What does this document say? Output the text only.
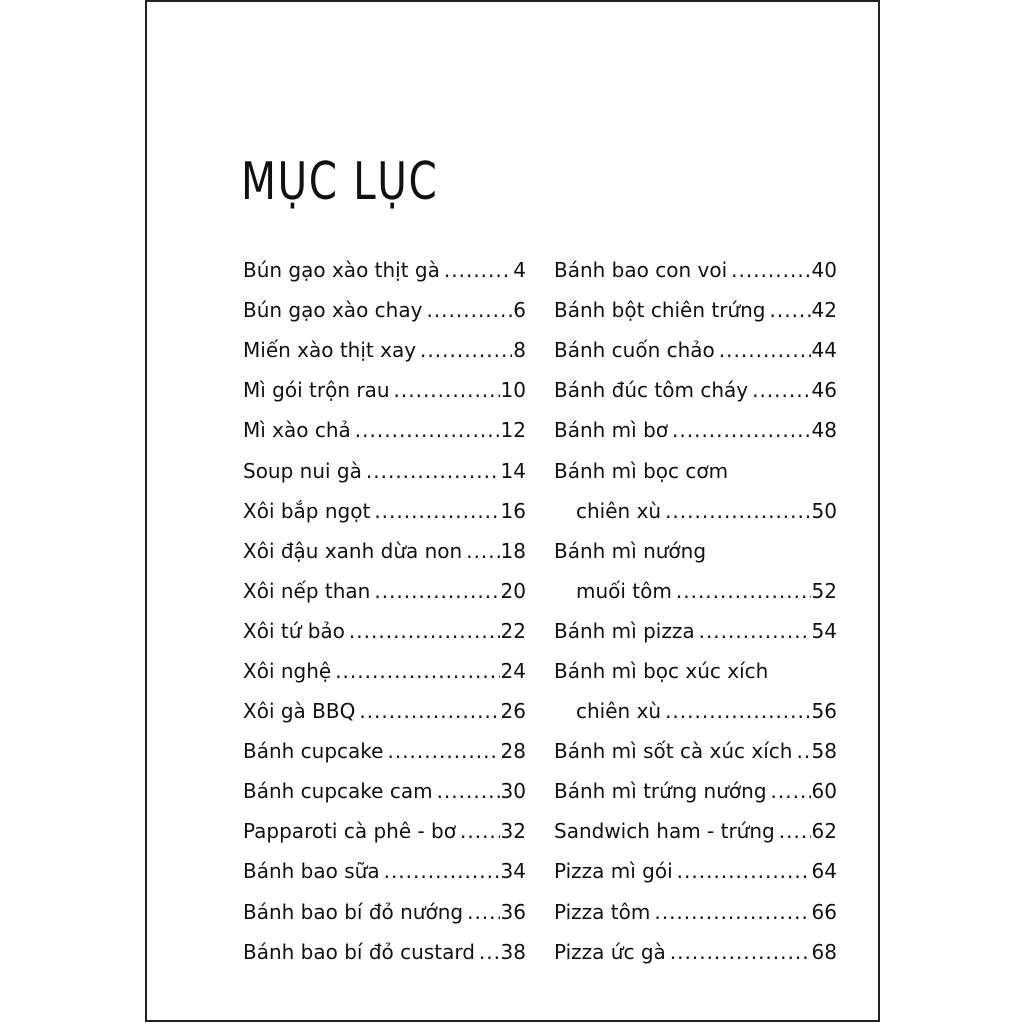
MỤC LỤC
Bún gạo xào thịt gà .....	4
Bún gạo xào chay .....	6
Miến xào thịt xay .....	8
Mì gói trộn rau .....	10
Mì xào chả .....	12
Soup nui gà .....	14
Xôi bắp ngọt .....	16
Xôi đậu xanh dừa non ..... 18
Xôi nếp than .....	20
Xôi tứ bảo .....	22
Xôi nghệ .....	24
Xôi gà BBQ .....	26
Bánh cupcake .....	28
Bánh cupcake cam .....	30
Papparoti cà phê - bơ ..... 32
Bánh bao sữa .....	34
Bánh bao bí đỏ nướng ..... 36
Bánh bao bí đỏ custard ..... 38
Bánh bao con voi .....	40
Bánh bột chiên trứng ..... 42
Bánh cuốn chảo .....	44
Bánh đúc tôm cháy .....	46
Bánh mì bơ .....	48
Bánh mì bọc cơm
chiên xù .....	50
Bánh mì nướng
muối tôm .....	52
Bánh mì pizza .....	54
Bánh mì bọc xúc xích
chiên xù .....	56
Bánh mì sốt cà xúc xích ..... 58
Bánh mì trứng nướng ..... 60
Sandwich ham - trứng ..... 62
Pizza mì gói .....	64
Pizza tôm .....	66
Pizza ức gà .....	68
